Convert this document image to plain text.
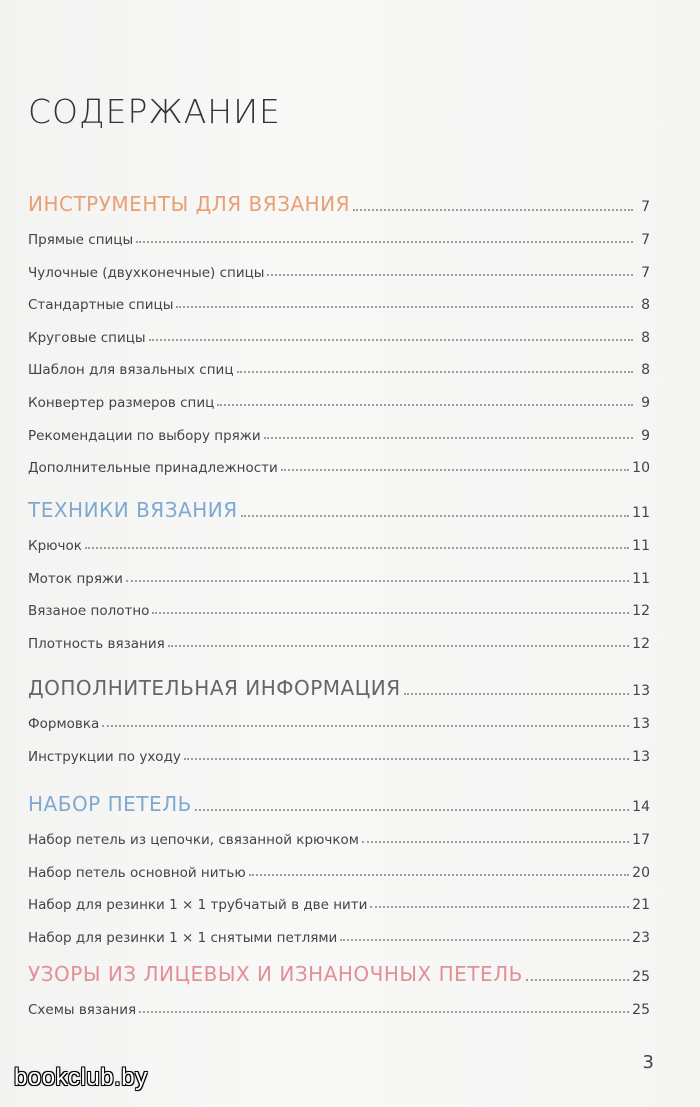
СОДЕРЖАНИЕ
ИНСТРУМЕНТЫ ДЛЯ ВЯЗАНИЯ	7
Прямые спицы	7
Чулочные (двухконечные) спицы	7
Стандартные спицы	8
Круговые спицы	8
Шаблон для вязальных спиц	8
Конвертер размеров спиц	9
Рекомендации по выбору пряжи	9
Дополнительные принадлежности	10
ТЕХНИКИ ВЯЗАНИЯ	11
Крючок	11
Моток пряжи	11
Вязаное полотно	12
Плотность вязания	12
ДОПОЛНИТЕЛЬНАЯ ИНФОРМАЦИЯ	13
Формовка	13
Инструкции по уходу	13
НАБОР ПЕТЕЛЬ	14
Набор петель из цепочки, связанной крючком	17
Набор петель основной нитью	20
Набор для резинки 1 × 1 трубчатый в две нити	21
Набор для резинки 1 × 1 снятыми петлями	23
УЗОРЫ ИЗ ЛИЦЕВЫХ И ИЗНАНОЧНЫХ ПЕТЕЛЬ	25
Схемы вязания	25
3
bookclub.by
